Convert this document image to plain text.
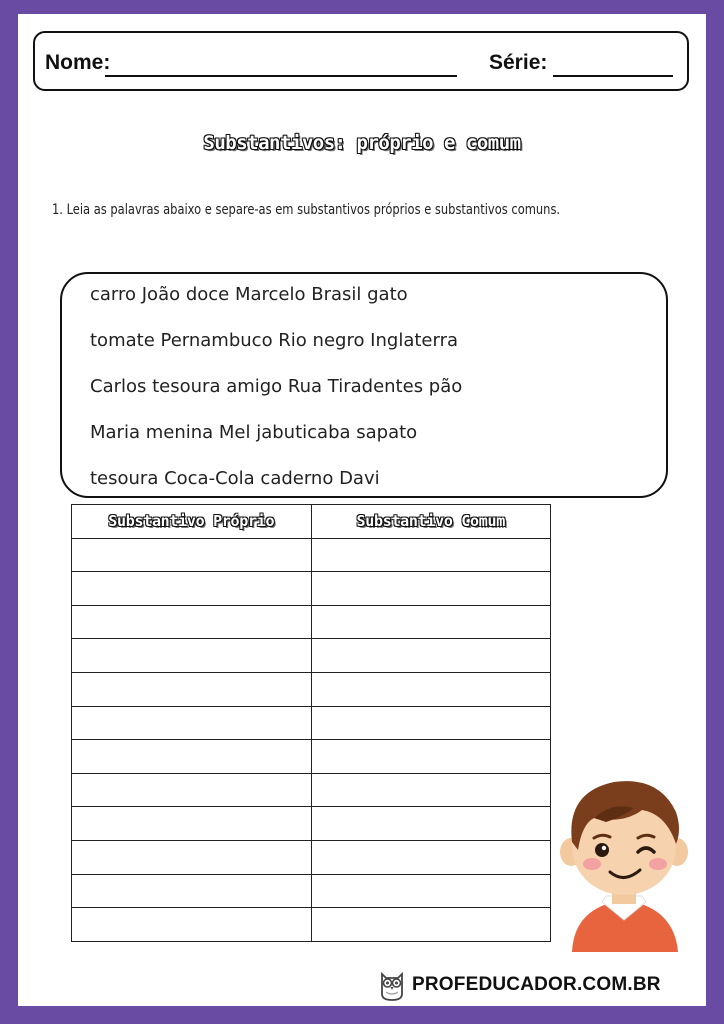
Nome:	Série:
Substantivos: próprio e comum
1. Leia as palavras abaixo e separe-as em substantivos próprios e substantivos comuns.
carro João doce Marcelo Brasil gato
tomate Pernambuco Rio negro Inglaterra
Carlos tesoura amigo Rua Tiradentes pão
Maria menina Mel jabuticaba sapato
tesoura Coca-Cola caderno Davi
Substantivo Próprio	Substantivo Comum

PROFEDUCADOR.COM.BR
